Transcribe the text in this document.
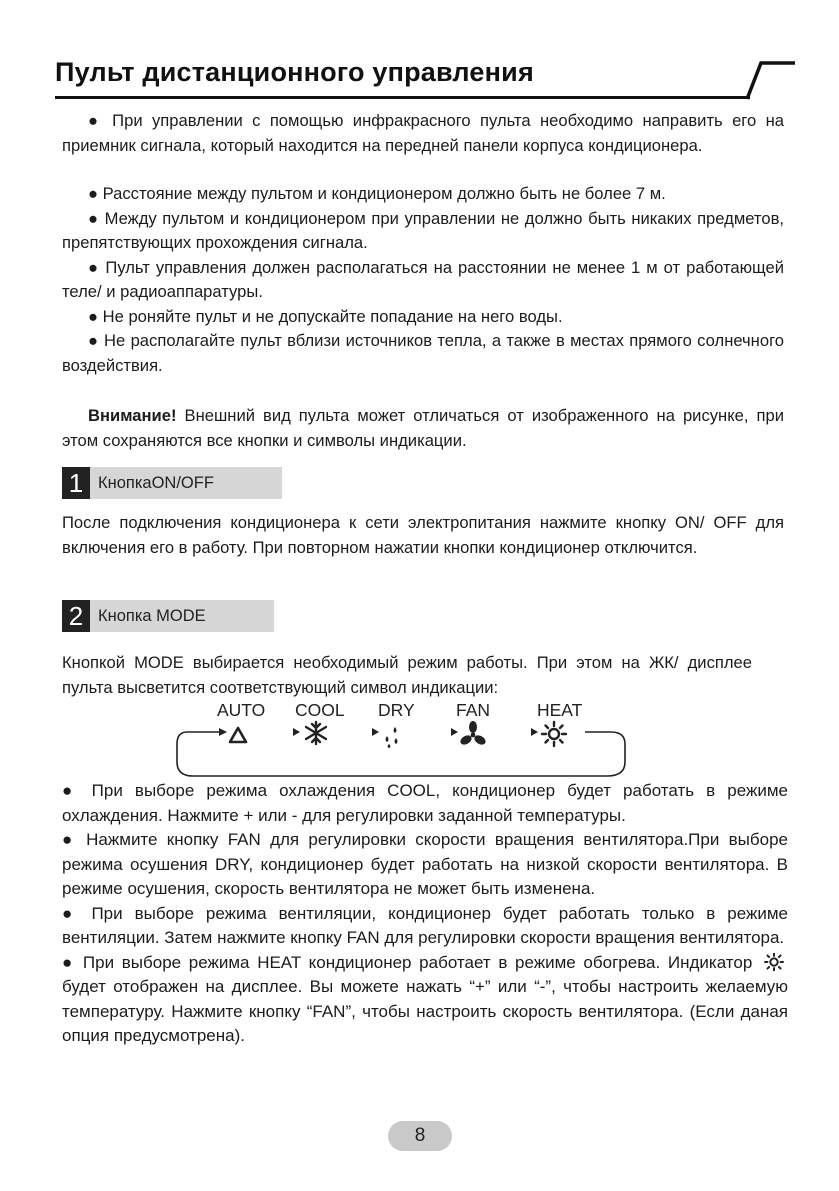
Пульт дистанционного управления

● При управлении с помощью инфракрасного пульта необходимо направить его на приемник сигнала, который находится на передней панели корпуса кондиционера.

● Расстояние между пультом и кондиционером должно быть не более 7 м.

● Между пультом и кондиционером при управлении не должно быть никаких предметов, препятствующих прохождения сигнала.

● Пульт управления должен располагаться на расстоянии не менее 1 м от работающей теле/ и радиоаппаратуры.

● Не роняйте пульт и не допускайте попадание на него воды.

● Не располагайте пульт вблизи источников тепла, а также в местах прямого солнечного воздействия.

Внимание! Внешний вид пульта может отличаться от изображенного на рисунке, при этом сохраняются все кнопки и символы индикации.

1 КнопкаON/OFF
После подключения кондиционера к сети электропитания нажмите кнопку ON/ OFF для включения его в работу. При повторном нажатии кнопки кондиционер отключится.
2 Кнопка MODE
Кнопкой MODE выбирается необходимый режим работы. При этом на ЖК/ дисплее пульта высветится соответствующий символ индикации:
AUTO COOL DRY FAN	HEAT

● При выборе режима охлаждения COOL, кондиционер будет работать в режиме охлаждения. Нажмите + или - для регулировки заданной температуры.

● Нажмите кнопку FAN для регулировки скорости вращения вентилятора.При выборе режима осушения DRY, кондиционер будет работать на низкой скорости вентилятора. В режиме осушения, скорость вентилятора не может быть изменена.

● При выборе режима вентиляции, кондиционер будет работать только в режиме вентиляции. Затем нажмите кнопку FAN для регулировки скорости вращения вентилятора.

● При выборе режима HEAT кондиционер работает в режиме обогрева. Индикатор  будет отображен на дисплее. Вы можете нажать “+” или “-”, чтобы настроить желаемую температуру. Нажмите кнопку “FAN”, чтобы настроить скорость вентилятора. (Если даная опция предусмотрена).

8
